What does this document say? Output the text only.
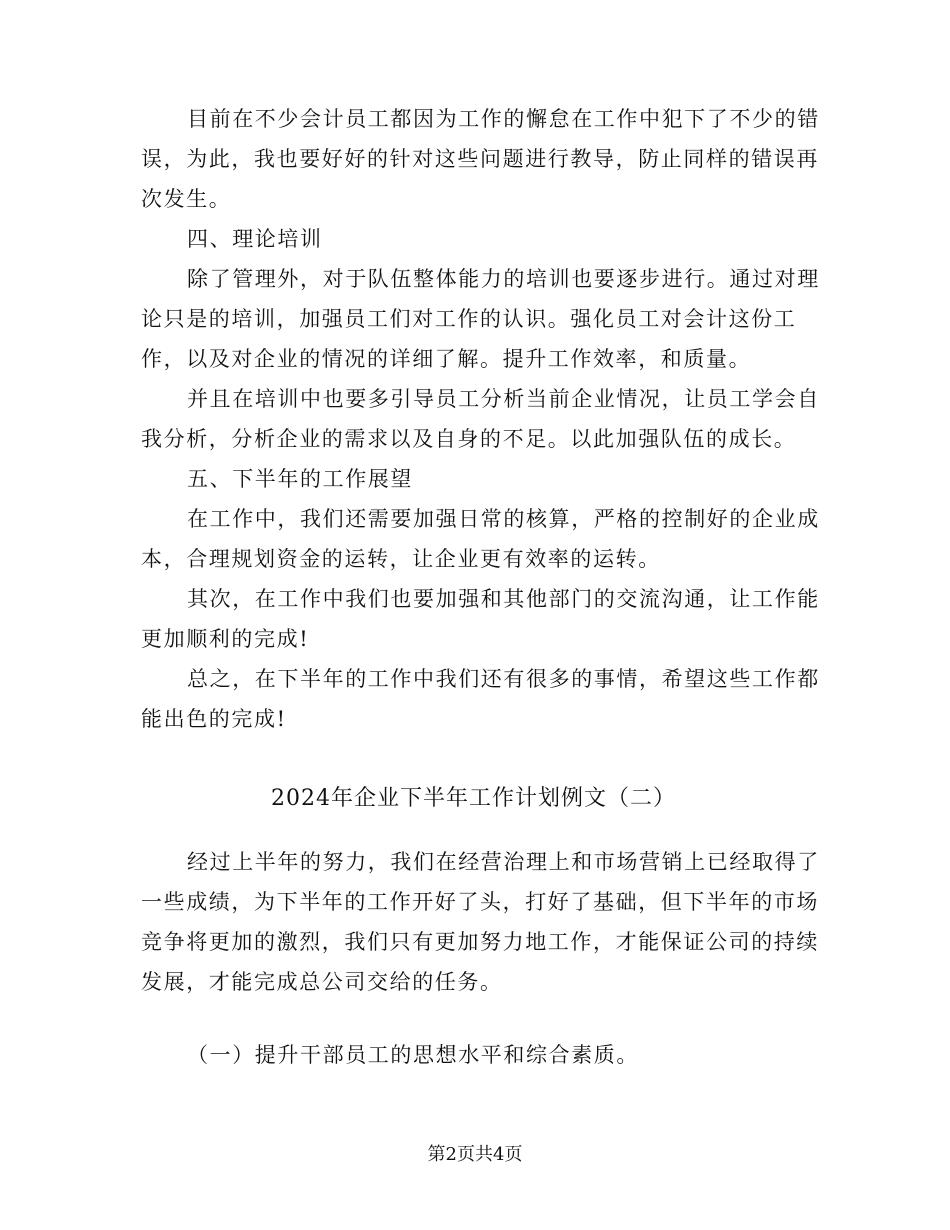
目前在不少会计员工都因为工作的懈怠在工作中犯下了不少的错
误，为此，我也要好好的针对这些问题进行教导，防止同样的错误再
次发生。
四、理论培训
除了管理外，对于队伍整体能力的培训也要逐步进行。通过对理
论只是的培训，加强员工们对工作的认识。强化员工对会计这份工
作，以及对企业的情况的详细了解。提升工作效率，和质量。
并且在培训中也要多引导员工分析当前企业情况，让员工学会自
我分析，分析企业的需求以及自身的不足。以此加强队伍的成长。
五、下半年的工作展望
在工作中，我们还需要加强日常的核算，严格的控制好的企业成
本，合理规划资金的运转，让企业更有效率的运转。
其次，在工作中我们也要加强和其他部门的交流沟通，让工作能
更加顺利的完成!
总之，在下半年的工作中我们还有很多的事情，希望这些工作都
能出色的完成!
2024年企业下半年工作计划例文（二）
经过上半年的努力，我们在经营治理上和市场营销上已经取得了
一些成绩，为下半年的工作开好了头，打好了基础，但下半年的市场
竞争将更加的激烈，我们只有更加努力地工作，才能保证公司的持续
发展，才能完成总公司交给的任务。
（一）提升干部员工的思想水平和综合素质。
第2页共4页
